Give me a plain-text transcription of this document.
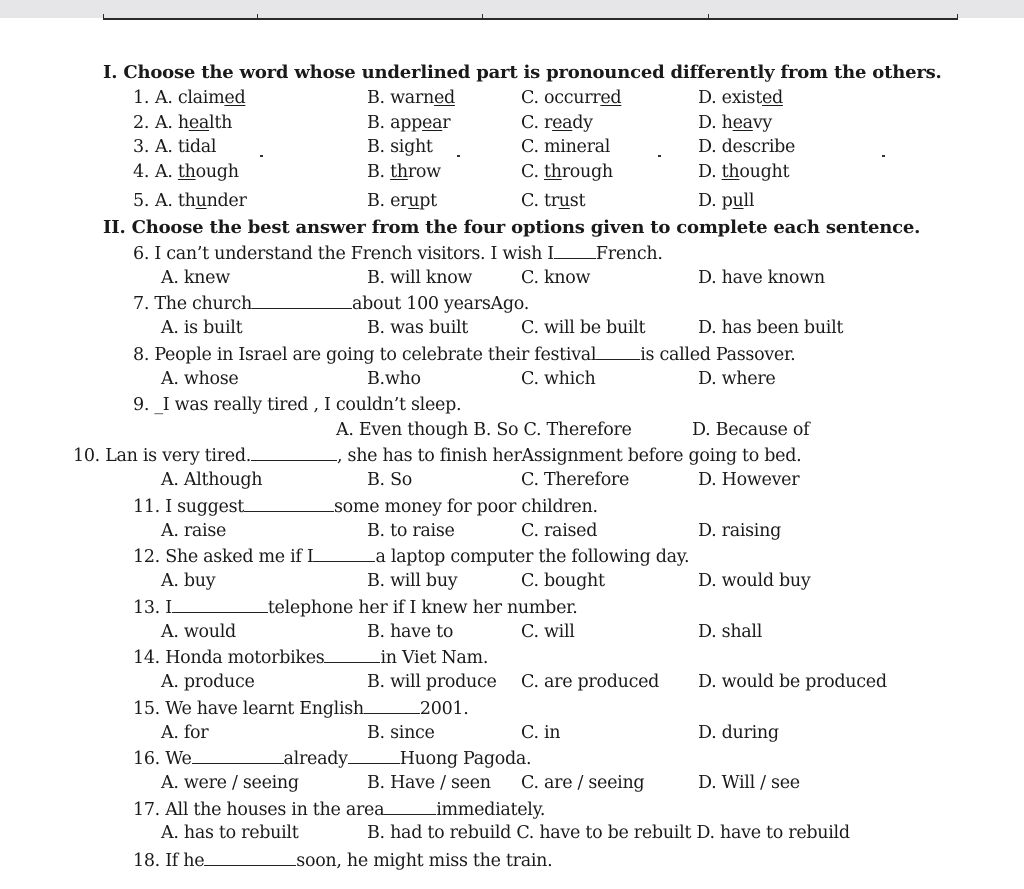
I. Choose the word whose underlined part is pronounced differently from the others.
1. A. claimed	B. warned	C. occurred	D. existed
2. A. health	B. appear	C. ready	D. heavy
3. A. tidal	B. sight	C. mineral	D. describe
4. A. though	B. throw	C. through	D. thought
5. A. thunder	B. erupt	C. trust	D. pull
II. Choose the best answer from the four options given to complete each sentence.
6. I can’t understand the French visitors. I wish I French.
A. knew	B. will know	C. know	D. have known
7. The church	about 100 yearsAgo.
A. is built	B. was built	C. will be built	D. has been built
8. People in Israel are going to celebrate their festival	is called Passover.
A. whose	B.who	C. which	D. where
9. _I was really tired , I couldn’t sleep.
A. Even though B. So C. Therefore	D. Because of
10. Lan is very tired.	, she has to finish herAssignment before going to bed.
A. Although	B. So	C. Therefore	D. However
11. I suggest	some money for poor children.
A. raise	B. to raise	C. raised	D. raising
12. She asked me if I	a laptop computer the following day.
A. buy	B. will buy	C. bought	D. would buy
13. I	telephone her if I knew her number.
A. would	B. have to	C. will	D. shall
14. Honda motorbikes	in Viet Nam.
A. produce	B. will produce C. are produced D. would be produced
15. We have learnt English	2001.
A. for	B. since	C. in	D. during
16. We	already	Huong Pagoda.
A. were / seeing	B. Have / seen C. are / seeing	D. Will / see
17. All the houses in the area	immediately.
A. has to rebuilt	B. had to rebuild C. have to be rebuilt D. have to rebuild
18. If he	soon, he might miss the train.
